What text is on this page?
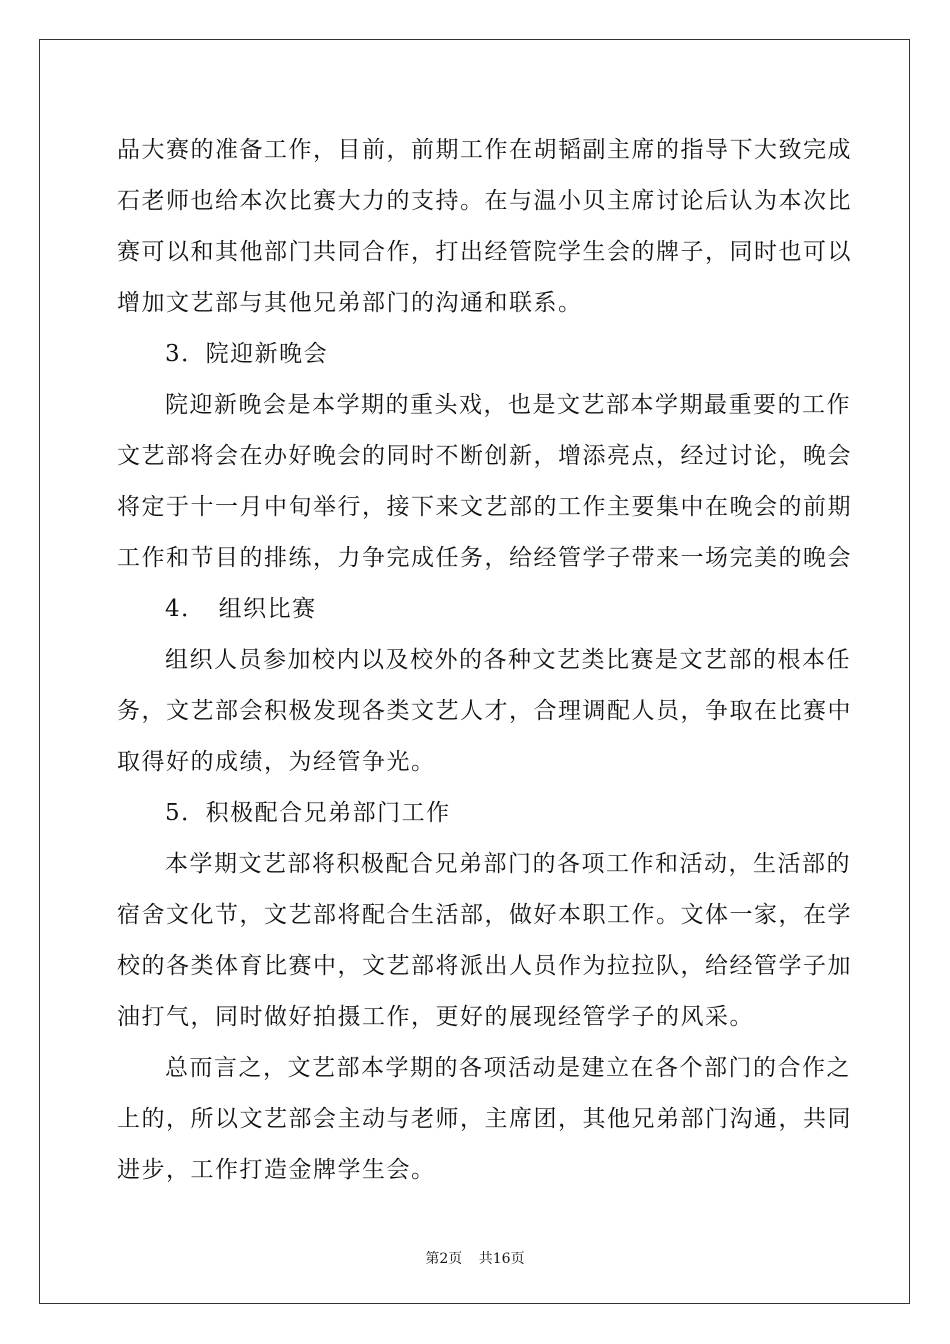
品大赛的准备工作，目前，前期工作在胡韬副主席的指导下大致完成
石老师也给本次比赛大力的支持。在与温小贝主席讨论后认为本次比
赛可以和其他部门共同合作，打出经管院学生会的牌子，同时也可以
增加文艺部与其他兄弟部门的沟通和联系。
3．院迎新晚会
院迎新晚会是本学期的重头戏，也是文艺部本学期最重要的工作
文艺部将会在办好晚会的同时不断创新，增添亮点，经过讨论，晚会
将定于十一月中旬举行，接下来文艺部的工作主要集中在晚会的前期
工作和节目的排练，力争完成任务，给经管学子带来一场完美的晚会
4．　组织比赛
组织人员参加校内以及校外的各种文艺类比赛是文艺部的根本任
务，文艺部会积极发现各类文艺人才，合理调配人员，争取在比赛中
取得好的成绩，为经管争光。
5．积极配合兄弟部门工作
本学期文艺部将积极配合兄弟部门的各项工作和活动，生活部的
宿舍文化节，文艺部将配合生活部，做好本职工作。文体一家，在学
校的各类体育比赛中，文艺部将派出人员作为拉拉队，给经管学子加
油打气，同时做好拍摄工作，更好的展现经管学子的风采。
总而言之，文艺部本学期的各项活动是建立在各个部门的合作之
上的，所以文艺部会主动与老师，主席团，其他兄弟部门沟通，共同
进步，工作打造金牌学生会。
第2页 共16页
